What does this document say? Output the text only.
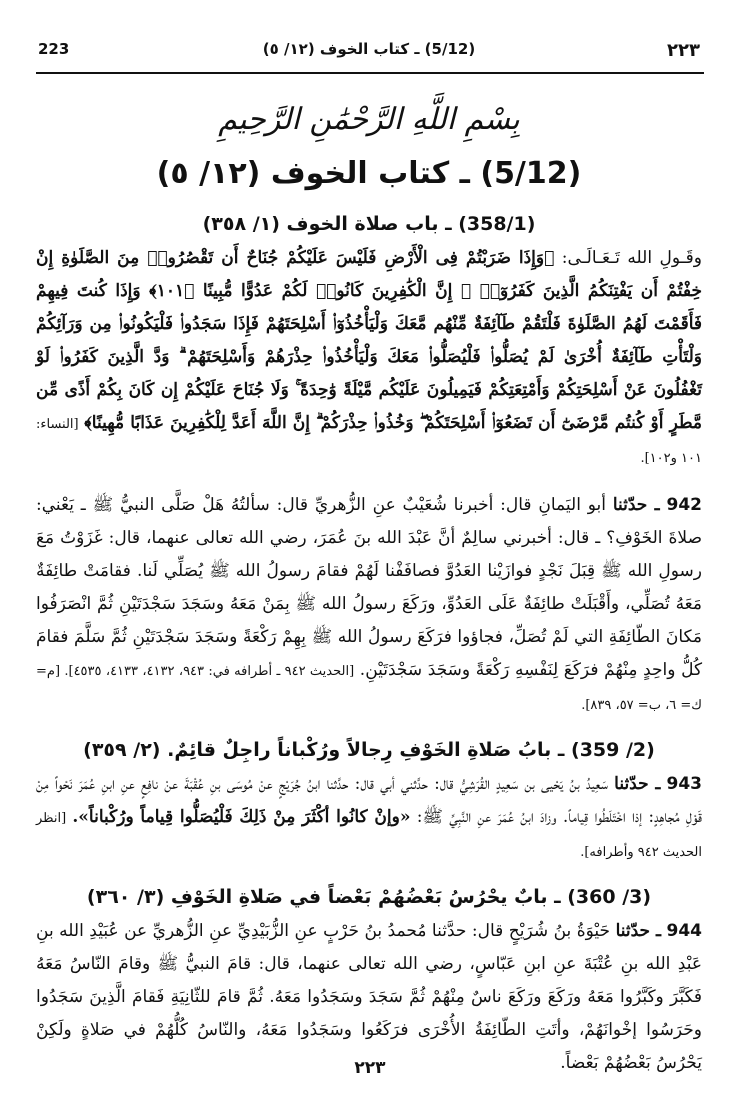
223	(5/12) ـ كتاب الخوف (١٢/ ٥)	٢٢٣
بِسْمِ اللَّهِ الرَّحْمَٰنِ الرَّحِيمِ
(5/12) ـ كتاب الخوف (١٢/ ٥)
(358/1) ـ باب صلاة الخوف (١/ ٣٥٨)

وقَـولِ الله تَـعَـالَـى: ﴿وَإِذَا ضَرَبْتُمْ فِى الْأَرْضِ فَلَيْسَ عَلَيْكُمْ جُنَاحٌ أَن تَقْصُرُوا۟ مِنَ الصَّلَوٰةِ إِنْ خِفْتُمْ أَن يَفْتِنَكُمُ الَّذِينَ كَفَرُوٓا۟ ۚ إِنَّ الْكَٰفِرِينَ كَانُوا۟ لَكُمْ عَدُوًّا مُّبِينًا ﴿١٠١﴾ وَإِذَا كُنتَ فِيهِمْ فَأَقَمْتَ لَهُمُ الصَّلَوٰةَ فَلْتَقُمْ طَآئِفَةٌ مِّنْهُم مَّعَكَ وَلْيَأْخُذُوٓا۟ أَسْلِحَتَهُمْ فَإِذَا سَجَدُوا۟ فَلْيَكُونُوا۟ مِن وَرَآئِكُمْ وَلْتَأْتِ طَآئِفَةٌ أُخْرَىٰ لَمْ يُصَلُّوا۟ فَلْيُصَلُّوا۟ مَعَكَ وَلْيَأْخُذُوا۟ حِذْرَهُمْ وَأَسْلِحَتَهُمْ ۗ وَدَّ الَّذِينَ كَفَرُوا۟ لَوْ تَغْفُلُونَ عَنْ أَسْلِحَتِكُمْ وَأَمْتِعَتِكُمْ فَيَمِيلُونَ عَلَيْكُم مَّيْلَةً وَٰحِدَةً ۚ وَلَا جُنَاحَ عَلَيْكُمْ إِن كَانَ بِكُمْ أَذًى مِّن مَّطَرٍ أَوْ كُنتُم مَّرْضَىٰٓ أَن تَضَعُوٓا۟ أَسْلِحَتَكُمْ ۖ وَخُذُوا۟ حِذْرَكُمْ ۗ إِنَّ اللَّهَ أَعَدَّ لِلْكَٰفِرِينَ عَذَابًا مُّهِينًا﴾ [النساء: ١٠١ و١٠٢].

942 ـ حدّثنا أبو اليَمانِ قال: أخبرنا شُعَيْبٌ عنِ الزُّهريِّ قال: سألتُهُ هَلْ صَلَّى النبيُّ ﷺ ـ يَعْني: صلاةَ الخَوْفِ؟ ـ قال: أخبرني سالِمٌ أنَّ عَبْدَ الله بنَ عُمَرَ، رضي الله تعالى عنهما، قال: غَزَوْتُ مَعَ رسولِ الله ﷺ قِبَلَ نَجْدٍ فوازَيْنا العَدُوَّ فصافَفْنا لَهُمْ فقامَ رسولُ الله ﷺ يُصَلِّي لَنا. فقامَتْ طائِفَةٌ مَعَهُ تُصَلِّي، وأَقْبَلَتْ طائِفَةٌ عَلَى العَدُوِّ، ورَكَعَ رسولُ الله ﷺ بِمَنْ مَعَهُ وسَجَدَ سَجْدَتَيْنِ ثُمَّ انْصَرَفُوا مَكانَ الطّائِفَةِ التي لَمْ تُصَلِّ، فجاؤوا فرَكَعَ رسولُ الله ﷺ بِهِمْ رَكْعَةً وسَجَدَ سَجْدَتَيْنِ ثُمَّ سَلَّمَ فقامَ كُلُّ واحِدٍ مِنْهُمْ فرَكَعَ لِنَفْسِهِ رَكْعَةً وسَجَدَ سَجْدَتَيْنِ. [الحديث ٩٤٢ ـ أطرافه في: ٩٤٣، ٤١٣٢، ٤١٣٣، ٤٥٣٥]. [م= ك= ٦، ب= ٥٧، ٨٣٩].

(2/ 359) ـ بابُ صَلاةِ الخَوْفِ رِجالاً ورُكْباناً راجِلٌ قائِمٌ. (٢/ ٣٥٩)

943 ـ حدّثنا سَعِيدُ بنُ يَحْيى بن سَعِيدٍ القُرَشِيُّ قال: حدَّثني أبي قال: حدَّثنا ابنُ جُرَيْجٍ عنْ مُوسَى بنِ عُقْبَةَ عنْ نافِعٍ عنِ ابنِ عُمَرَ نَحْواً مِنْ قَوْلِ مُجاهِدٍ: إذا اخْتَلَطُوا قِياماً. وزادَ ابنُ عُمَرَ عنِ النَّبِيِّ ﷺ: «وإنْ كانُوا أكْثَرَ مِنْ ذَلِكَ فَلْيُصَلُّوا قِياماً ورُكْباناً». [انظر الحديث ٩٤٢ وأطرافه].

(3/ 360) ـ بابٌ يحْرُسُ بَعْضُهُمْ بَعْضاً في صَلاةِ الخَوْفِ (٣/ ٣٦٠)

944 ـ حدّثنا حَيْوَةُ بنُ شُرَيْحٍ قال: حدَّثنا مُحمدُ بنُ حَرْبٍ عنِ الزُّبَيْدِيِّ عنِ الزُّهريِّ عن عُبَيْدِ الله بنِ عَبْدِ الله بنِ عُتْبَةَ عنِ ابنِ عَبّاسٍ، رضي الله تعالى عنهما، قال: قامَ النبيُّ ﷺ وقامَ النّاسُ مَعَهُ فَكَبَّرَ وكَبَّرُوا مَعَهُ ورَكَعَ ورَكَعَ ناسٌ مِنْهُمْ ثُمَّ سَجَدَ وسَجَدُوا مَعَهُ. ثُمَّ قامَ للثّانِيَةِ فَقامَ الَّذِينَ سَجَدُوا وحَرَسُوا إخْوانَهُمْ، وأتَتِ الطّائِفَةُ الأُخْرَى فرَكَعُوا وسَجَدُوا مَعَهُ، والنّاسُ كُلُّهُمْ في صَلاةٍ ولَكِنْ يَحْرُسُ بَعْضُهُمْ بَعْضاً.

٢٢٣
